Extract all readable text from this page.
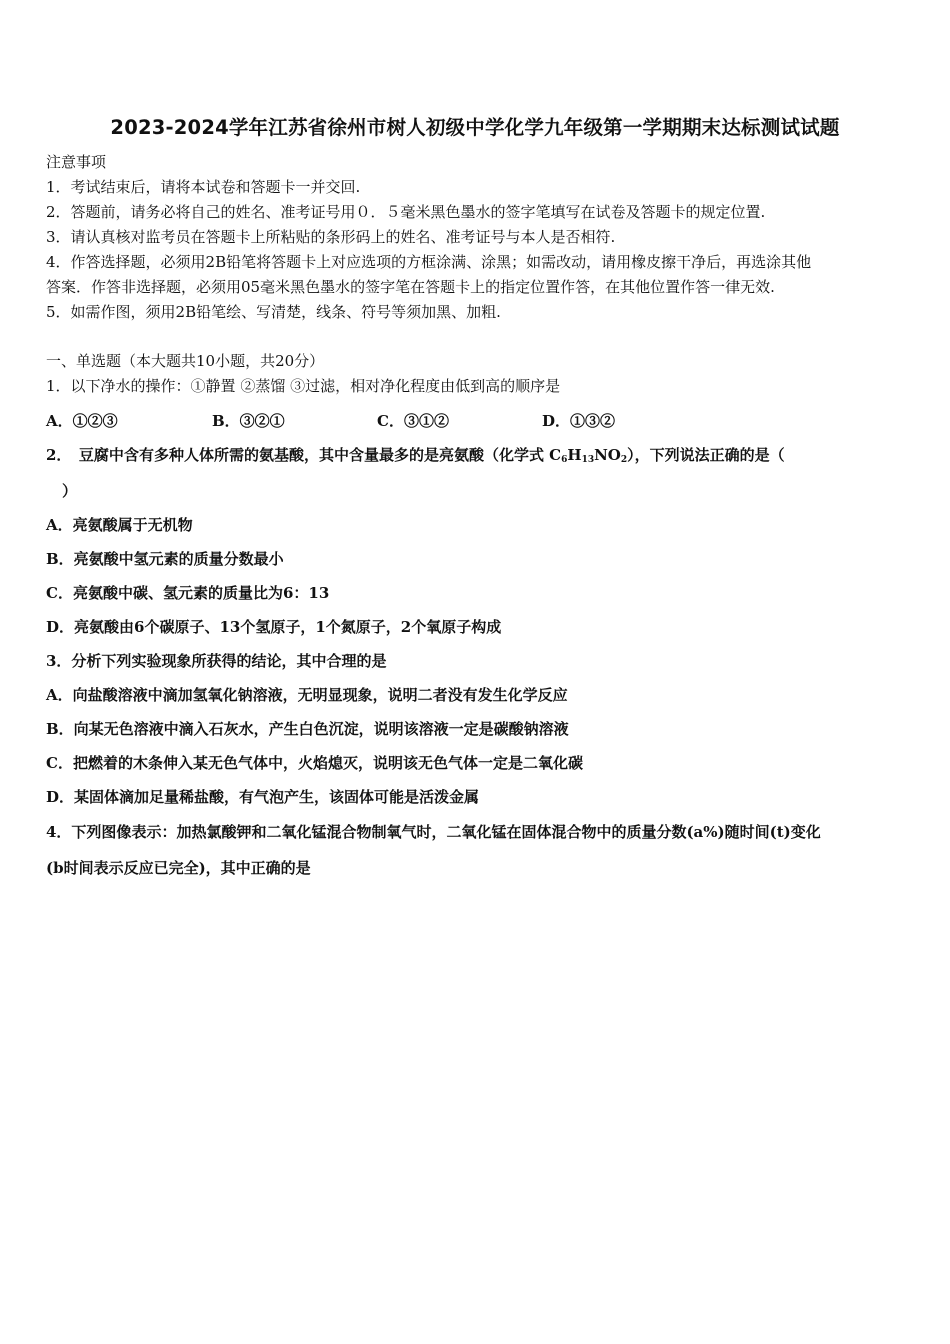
2023-2024学年江苏省徐州市树人初级中学化学九年级第一学期期末达标测试试题
注意事项
1．考试结束后，请将本试卷和答题卡一并交回.
2．答题前，请务必将自己的姓名、准考证号用０．５毫米黑色墨水的签字笔填写在试卷及答题卡的规定位置.
3．请认真核对监考员在答题卡上所粘贴的条形码上的姓名、准考证号与本人是否相符.
4．作答选择题，必须用2B铅笔将答题卡上对应选项的方框涂满、涂黑；如需改动，请用橡皮擦干净后，再选涂其他
答案．作答非选择题，必须用05毫米黑色墨水的签字笔在答题卡上的指定位置作答，在其他位置作答一律无效.
5．如需作图，须用2B铅笔绘、写清楚，线条、符号等须加黑、加粗.
一、单选题（本大题共10小题，共20分）
1．以下净水的操作：①静置 ②蒸馏 ③过滤，相对净化程度由低到高的顺序是
A．①②③	B．③②①	C．③①②	D．①③②
2．　豆腐中含有多种人体所需的氨基酸，其中含量最多的是亮氨酸（化学式 $C_6H_{13}NO_2$），下列说法正确的是（
）
A．亮氨酸属于无机物
B．亮氨酸中氢元素的质量分数最小
C．亮氨酸中碳、氢元素的质量比为6：13
D．亮氨酸由6个碳原子、13个氢原子，1个氮原子，2个氧原子构成
3．分析下列实验现象所获得的结论，其中合理的是
A．向盐酸溶液中滴加氢氧化钠溶液，无明显现象，说明二者没有发生化学反应
B．向某无色溶液中滴入石灰水，产生白色沉淀，说明该溶液一定是碳酸钠溶液
C．把燃着的木条伸入某无色气体中，火焰熄灭，说明该无色气体一定是二氧化碳
D．某固体滴加足量稀盐酸，有气泡产生，该固体可能是活泼金属
4．下列图像表示：加热氯酸钾和二氧化锰混合物制氧气时，二氧化锰在固体混合物中的质量分数(a%)随时间(t)变化
(b时间表示反应已完全)，其中正确的是
